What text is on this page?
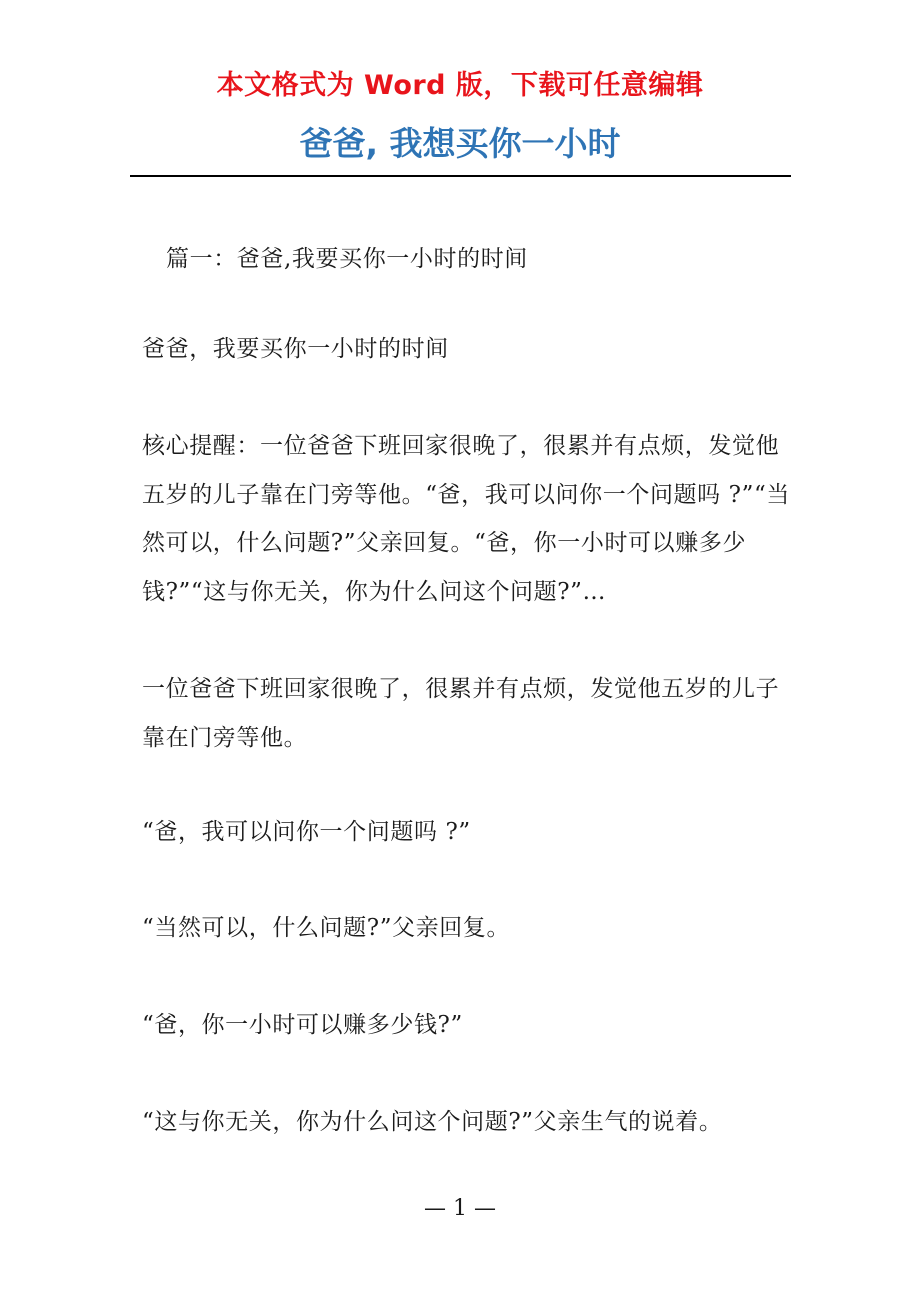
本文格式为 Word 版，下载可任意编辑
爸爸, 我想买你一小时

篇一：爸爸,我要买你一小时的时间

爸爸，我要买你一小时的时间

核心提醒：一位爸爸下班回家很晚了，很累并有点烦，发觉他五岁的儿子靠在门旁等他。“爸，我可以问你一个问题吗 ?”“当然可以，什么问题?”父亲回复。“爸，你一小时可以赚多少钱?”“这与你无关，你为什么问这个问题?”…

一位爸爸下班回家很晚了，很累并有点烦，发觉他五岁的儿子靠在门旁等他。

“爸，我可以问你一个问题吗 ?”

“当然可以，什么问题?”父亲回复。

“爸，你一小时可以赚多少钱?”

“这与你无关，你为什么问这个问题?”父亲生气的说着。

— 1 —
